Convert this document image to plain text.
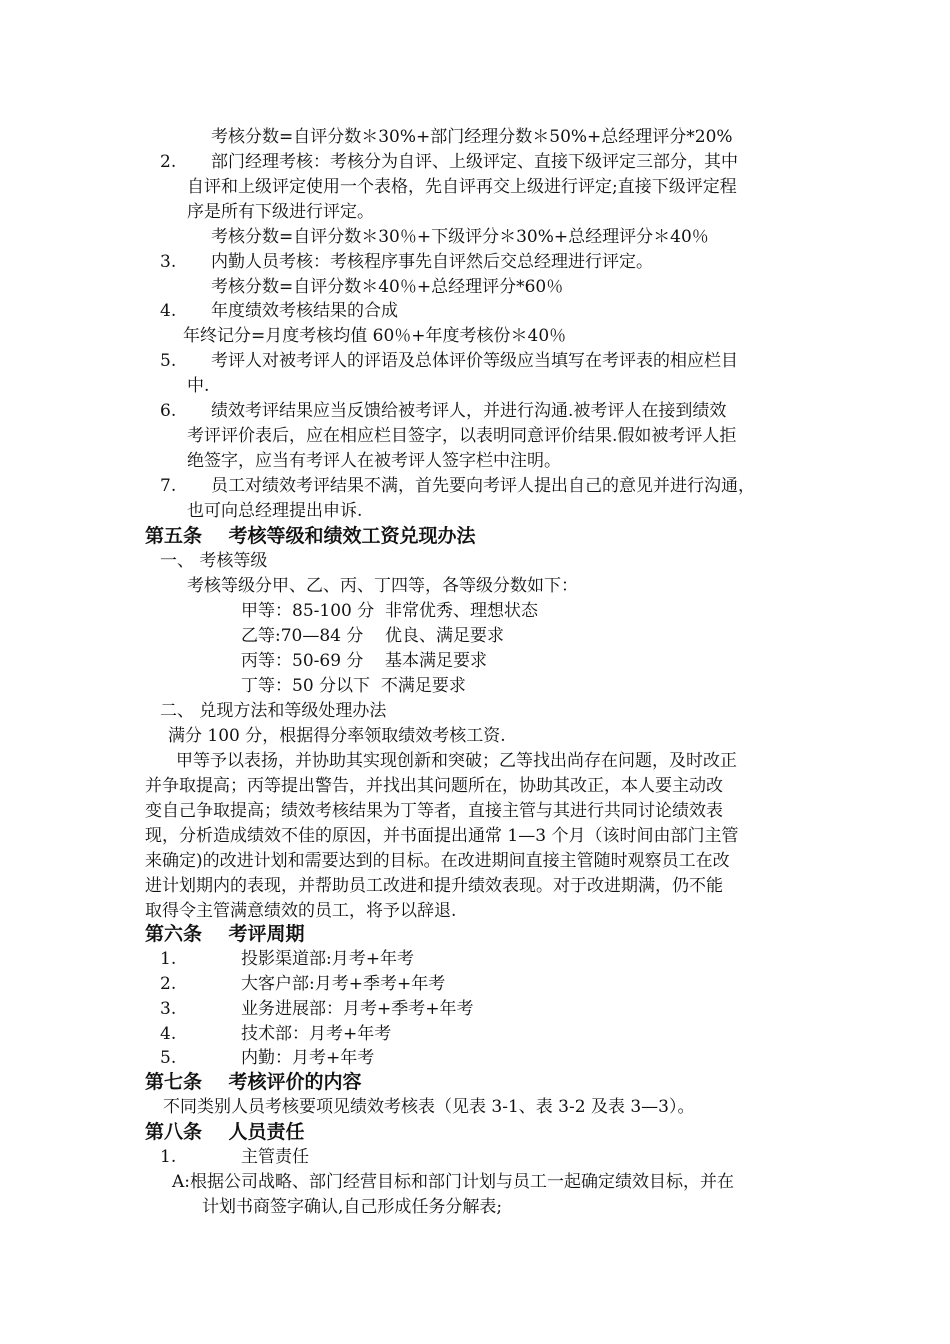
考核分数=自评分数＊30%+部门经理分数＊50%+总经理评分*20%
2. 部门经理考核：考核分为自评、上级评定、直接下级评定三部分，其中
自评和上级评定使用一个表格，先自评再交上级进行评定;直接下级评定程
序是所有下级进行评定。
考核分数=自评分数＊30％+下级评分＊30%+总经理评分＊40％
3. 内勤人员考核：考核程序事先自评然后交总经理进行评定。
考核分数=自评分数＊40％+总经理评分*60％
4. 年度绩效考核结果的合成
年终记分=月度考核均值 60％+年度考核份＊40％
5. 考评人对被考评人的评语及总体评价等级应当填写在考评表的相应栏目
中.
6. 绩效考评结果应当反馈给被考评人，并进行沟通.被考评人在接到绩效
考评评价表后，应在相应栏目签字，以表明同意评价结果.假如被考评人拒
绝签字，应当有考评人在被考评人签字栏中注明。
7. 员工对绩效考评结果不满，首先要向考评人提出自己的意见并进行沟通，
也可向总经理提出申诉.
第五条    考核等级和绩效工资兑现办法
一、 考核等级
考核等级分甲、乙、丙、丁四等，各等级分数如下：
甲等：85-100 分  非常优秀、理想状态
乙等:70—84 分    优良、满足要求
丙等：50-69 分    基本满足要求
丁等：50 分以下  不满足要求
二、 兑现方法和等级处理办法
满分 100 分，根据得分率领取绩效考核工资.
甲等予以表扬，并协助其实现创新和突破；乙等找出尚存在问题，及时改正
并争取提高；丙等提出警告，并找出其问题所在，协助其改正，本人要主动改
变自己争取提高；绩效考核结果为丁等者，直接主管与其进行共同讨论绩效表
现，分析造成绩效不佳的原因，并书面提出通常 1—3 个月（该时间由部门主管
来确定)的改进计划和需要达到的目标。在改进期间直接主管随时观察员工在改
进计划期内的表现，并帮助员工改进和提升绩效表现。对于改进期满，仍不能
取得令主管满意绩效的员工，将予以辞退.
第六条    考评周期
1.	投影渠道部:月考+年考
2.	大客户部:月考+季考+年考
3.	业务进展部：月考+季考+年考
4.	技术部：月考+年考
5.	内勤：月考+年考
第七条    考核评价的内容
不同类别人员考核要项见绩效考核表（见表 3-1、表 3-2 及表 3—3）。
第八条    人员责任
1.	主管责任
A:根据公司战略、部门经营目标和部门计划与员工一起确定绩效目标，并在
计划书商签字确认,自己形成任务分解表;
